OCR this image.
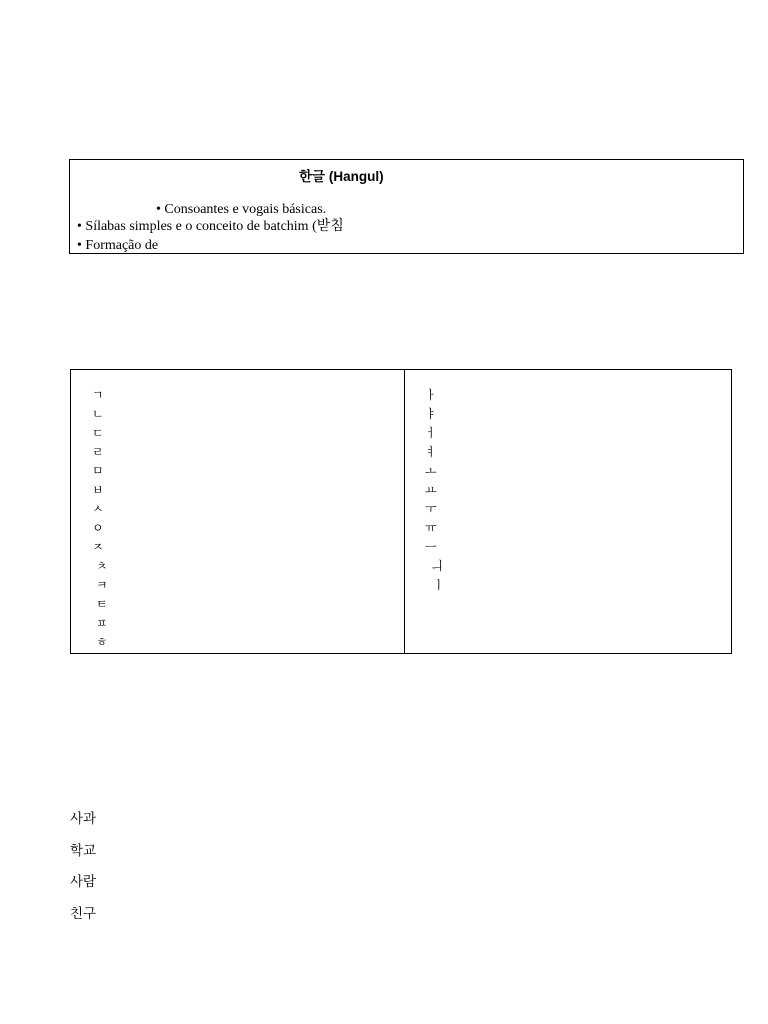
한글 (Hangul)
• Consoantes e vogais básicas.
• Sílabas simples e o conceito de batchim (받침
• Formação de
ㄱ
ㄴ
ㄷ
ㄹ
ㅁ
ㅂ
ㅅ
ㅇ
ㅈ
ㅊ
ㅋ
ㅌ
ㅍ
ㅎ
ㅏ
ㅑ
ㅓ
ㅕ
ㅗ
ㅛ
ㅜ
ㅠ
ㅡ
ㅢ
ㅣ
사과
학교
사람
친구
